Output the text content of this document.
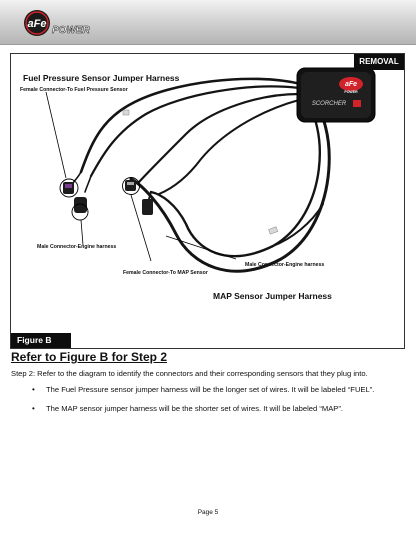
aFe
POWER
aFe
POWER
SCORCHER
Fuel Pressure Sensor Jumper Harness
Female Connector-To Fuel Pressure Sensor
Male Connector-Engine harness
Male Connector-Engine harness
Female Connector-To MAP Sensor
MAP Sensor Jumper Harness
REMOVAL
Figure B
Refer to Figure B for Step 2
Step 2: Refer to the diagram to identify the connectors and their corresponding sensors that they plug into.
• The Fuel Pressure sensor jumper harness will be the longer set of wires. It will be labeled “FUEL”.
• The MAP sensor jumper harness will be the shorter set of wires. It will be labeled “MAP”.
Page 5
